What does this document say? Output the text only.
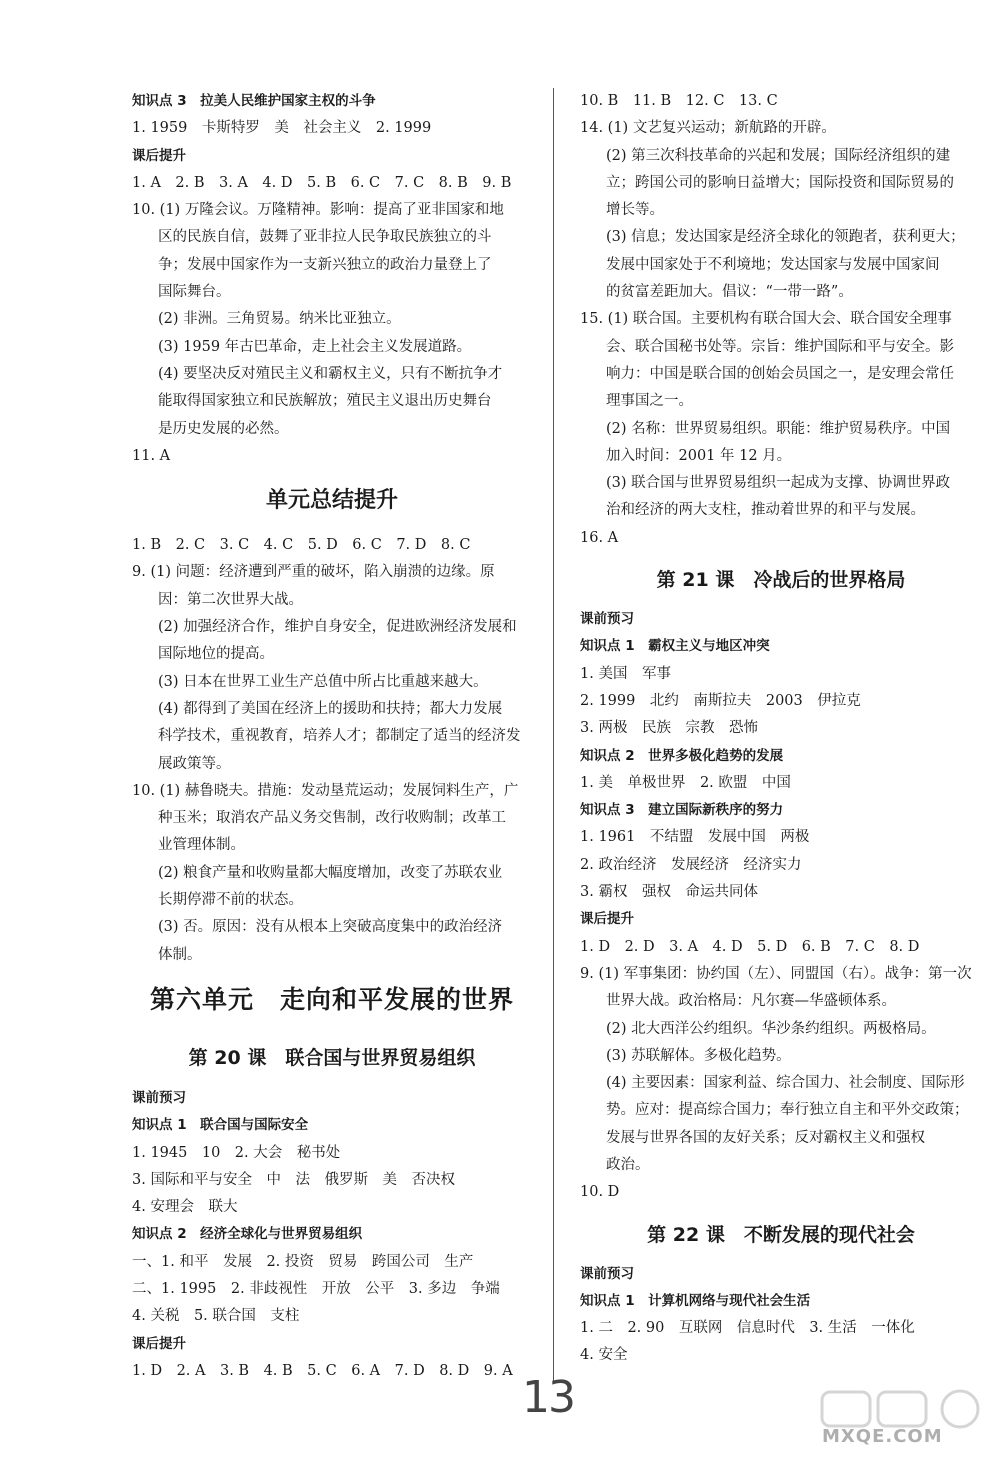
知识点 3　拉美人民维护国家主权的斗争

1. 1959　卡斯特罗　美　社会主义　2. 1999

课后提升

1. A　2. B　3. A　4. D　5. B　6. C　7. C　8. B　9. B

10. (1) 万隆会议。万隆精神。影响：提高了亚非国家和地

区的民族自信，鼓舞了亚非拉人民争取民族独立的斗

争；发展中国家作为一支新兴独立的政治力量登上了

国际舞台。

(2) 非洲。三角贸易。纳米比亚独立。

(3) 1959 年古巴革命，走上社会主义发展道路。

(4) 要坚决反对殖民主义和霸权主义，只有不断抗争才

能取得国家独立和民族解放；殖民主义退出历史舞台

是历史发展的必然。

11. A

单元总结提升

1. B　2. C　3. C　4. C　5. D　6. C　7. D　8. C

9. (1) 问题：经济遭到严重的破坏，陷入崩溃的边缘。原

因：第二次世界大战。

(2) 加强经济合作，维护自身安全，促进欧洲经济发展和

国际地位的提高。

(3) 日本在世界工业生产总值中所占比重越来越大。

(4) 都得到了美国在经济上的援助和扶持；都大力发展

科学技术，重视教育，培养人才；都制定了适当的经济发

展政策等。

10. (1) 赫鲁晓夫。措施：发动垦荒运动；发展饲料生产，广

种玉米；取消农产品义务交售制，改行收购制；改革工

业管理体制。

(2) 粮食产量和收购量都大幅度增加，改变了苏联农业

长期停滞不前的状态。

(3) 否。原因：没有从根本上突破高度集中的政治经济

体制。

第六单元　走向和平发展的世界
第 20 课　联合国与世界贸易组织

课前预习

知识点 1　联合国与国际安全

1. 1945　10　2. 大会　秘书处

3. 国际和平与安全　中　法　俄罗斯　美　否决权

4. 安理会　联大

知识点 2　经济全球化与世界贸易组织

一、1. 和平　发展　2. 投资　贸易　跨国公司　生产

二、1. 1995　2. 非歧视性　开放　公平　3. 多边　争端

4. 关税　5. 联合国　支柱

课后提升

1. D　2. A　3. B　4. B　5. C　6. A　7. D　8. D　9. A

10. B　11. B　12. C　13. C

14. (1) 文艺复兴运动；新航路的开辟。

(2) 第三次科技革命的兴起和发展；国际经济组织的建

立；跨国公司的影响日益增大；国际投资和国际贸易的

增长等。

(3) 信息；发达国家是经济全球化的领跑者，获利更大；

发展中国家处于不利境地；发达国家与发展中国家间

的贫富差距加大。倡议：“一带一路”。

15. (1) 联合国。主要机构有联合国大会、联合国安全理事

会、联合国秘书处等。宗旨：维护国际和平与安全。影

响力：中国是联合国的创始会员国之一，是安理会常任

理事国之一。

(2) 名称：世界贸易组织。职能：维护贸易秩序。中国

加入时间：2001 年 12 月。

(3) 联合国与世界贸易组织一起成为支撑、协调世界政

治和经济的两大支柱，推动着世界的和平与发展。

16. A

第 21 课　冷战后的世界格局

课前预习

知识点 1　霸权主义与地区冲突

1. 美国　军事

2. 1999　北约　南斯拉夫　2003　伊拉克

3. 两极　民族　宗教　恐怖

知识点 2　世界多极化趋势的发展

1. 美　单极世界　2. 欧盟　中国

知识点 3　建立国际新秩序的努力

1. 1961　不结盟　发展中国　两极

2. 政治经济　发展经济　经济实力

3. 霸权　强权　命运共同体

课后提升

1. D　2. D　3. A　4. D　5. D　6. B　7. C　8. D

9. (1) 军事集团：协约国（左）、同盟国（右）。战争：第一次

世界大战。政治格局：凡尔赛—华盛顿体系。

(2) 北大西洋公约组织。华沙条约组织。两极格局。

(3) 苏联解体。多极化趋势。

(4) 主要因素：国家利益、综合国力、社会制度、国际形

势。应对：提高综合国力；奉行独立自主和平外交政策；

发展与世界各国的友好关系；反对霸权主义和强权

政治。

10. D

第 22 课　不断发展的现代社会

课前预习

知识点 1　计算机网络与现代社会生活

1. 二　2. 90　互联网　信息时代　3. 生活　一体化

4. 安全

13
MXQE.COM
